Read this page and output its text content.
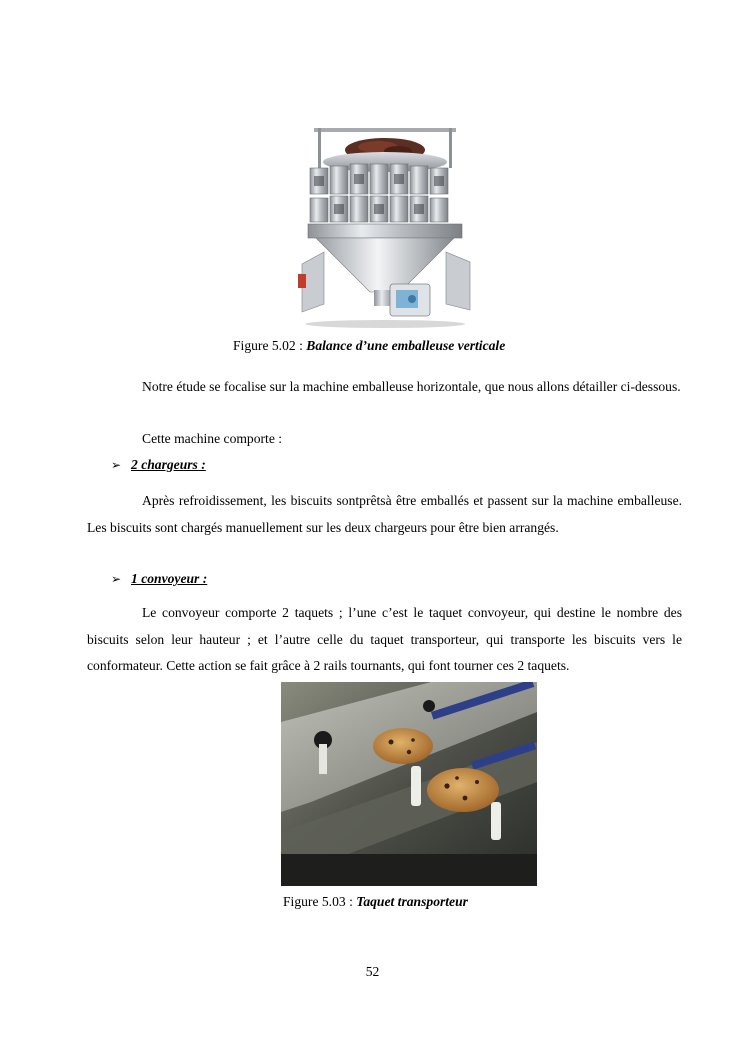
Figure 5.02 : Balance d’une emballeuse verticale

Notre étude se focalise sur la machine emballeuse horizontale, que nous allons détailler ci-dessous.

Cette machine comporte :

➢ 2 chargeurs :

Après refroidissement, les biscuits sontprêtsà être emballés et passent sur la machine emballeuse. Les biscuits sont chargés manuellement sur les deux chargeurs pour être bien arrangés.

➢ 1 convoyeur :

Le convoyeur comporte 2 taquets ; l’une c’est le taquet convoyeur, qui destine le nombre des biscuits selon leur hauteur ; et l’autre celle du taquet transporteur, qui transporte les biscuits vers le conformateur. Cette action se fait grâce à 2 rails tournants, qui font tourner ces 2 taquets.

Figure 5.03 : Taquet transporteur
52
